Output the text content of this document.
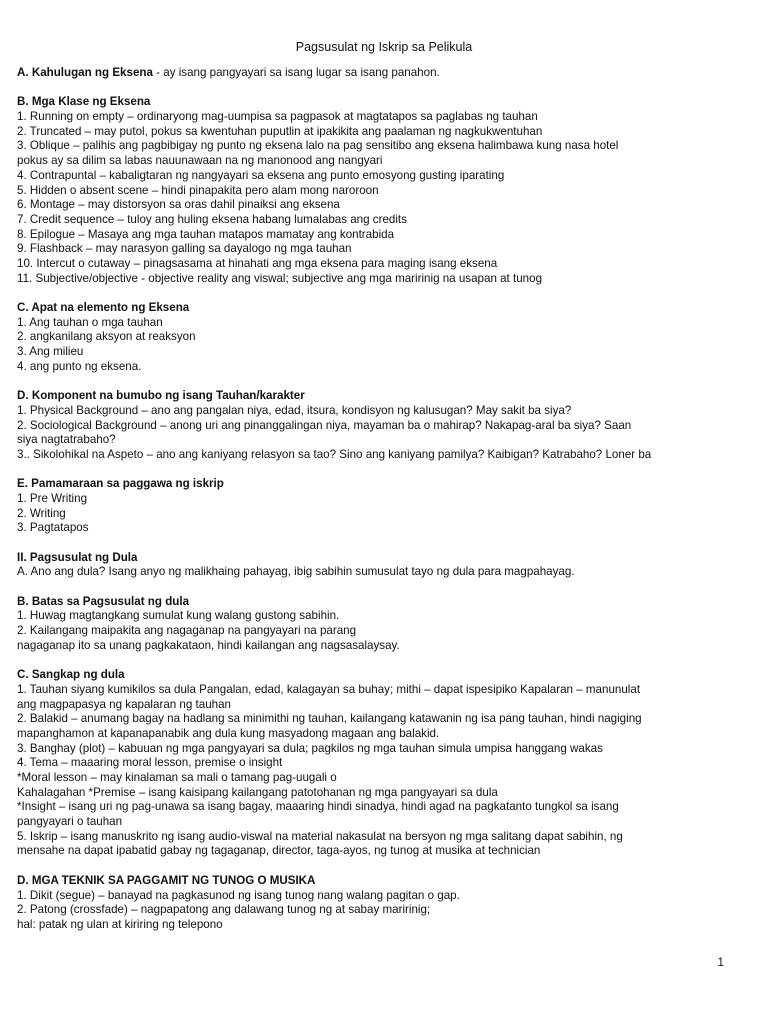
Pagsusulat ng Iskrip sa Pelikula
A. Kahulugan ng Eksena - ay isang pangyayari sa isang lugar sa isang panahon.
B. Mga Klase ng Eksena
1. Running on empty – ordinaryong mag-uumpisa sa pagpasok at magtatapos sa paglabas ng tauhan
2. Truncated – may putol, pokus sa kwentuhan puputlin at ipakikita ang paalaman ng nagkukwentuhan
3. Oblique – palihis ang pagbibigay ng punto ng eksena lalo na pag sensitibo ang eksena halimbawa kung nasa hotel
pokus ay sa dilim sa labas nauunawaan na ng manonood ang nangyari
4. Contrapuntal – kabaligtaran ng nangyayari sa eksena ang punto emosyong gusting iparating
5. Hidden o absent scene – hindi pinapakita pero alam mong naroroon
6. Montage – may distorsyon sa oras dahil pinaiksi ang eksena
7. Credit sequence – tuloy ang huling eksena habang lumalabas ang credits
8. Epilogue – Masaya ang mga tauhan matapos mamatay ang kontrabida
9. Flashback – may narasyon galling sa dayalogo ng mga tauhan
10. Intercut o cutaway – pinagsasama at hinahati ang mga eksena para maging isang eksena
11. Subjective/objective - objective reality ang viswal; subjective ang mga maririnig na usapan at tunog
C. Apat na elemento ng Eksena
1. Ang tauhan o mga tauhan
2. angkanilang aksyon at reaksyon
3. Ang milieu
4. ang punto ng eksena.
D. Komponent na bumubo ng isang Tauhan/karakter
1. Physical Background – ano ang pangalan niya, edad, itsura, kondisyon ng kalusugan? May sakit ba siya?
2. Sociological Background – anong uri ang pinanggalingan niya, mayaman ba o mahirap? Nakapag-aral ba siya? Saan
siya nagtatrabaho?
3.. Sikolohikal na Aspeto – ano ang kaniyang relasyon sa tao? Sino ang kaniyang pamilya? Kaibigan? Katrabaho? Loner ba
E. Pamamaraan sa paggawa ng iskrip
1. Pre Writing
2. Writing
3. Pagtatapos
II. Pagsusulat ng Dula
A. Ano ang dula? Isang anyo ng malikhaing pahayag, ibig sabihin sumusulat tayo ng dula para magpahayag.
B. Batas sa Pagsusulat ng dula
1. Huwag magtangkang sumulat kung walang gustong sabihin.
2. Kailangang maipakita ang nagaganap na pangyayari na parang
nagaganap ito sa unang pagkakataon, hindi kailangan ang nagsasalaysay.
C. Sangkap ng dula
1. Tauhan siyang kumikilos sa dula Pangalan, edad, kalagayan sa buhay; mithi – dapat ispesipiko Kapalaran – manunulat
ang magpapasya ng kapalaran ng tauhan
2. Balakid – anumang bagay na hadlang sa minimithi ng tauhan, kailangang katawanin ng isa pang tauhan, hindi nagiging
mapanghamon at kapanapanabik ang dula kung masyadong magaan ang balakid.
3. Banghay (plot) – kabuuan ng mga pangyayari sa dula; pagkilos ng mga tauhan simula umpisa hanggang wakas
4. Tema – maaaring moral lesson, premise o insight
*Moral lesson – may kinalaman sa mali o tamang pag-uugali o
Kahalagahan *Premise – isang kaisipang kailangang patotohanan ng mga pangyayari sa dula
*Insight – isang uri ng pag-unawa sa isang bagay, maaaring hindi sinadya, hindi agad na pagkatanto tungkol sa isang
pangyayari o tauhan
5. Iskrip – isang manuskrito ng isang audio-viswal na material nakasulat na bersyon ng mga salitang dapat sabihin, ng
mensahe na dapat ipabatid gabay ng tagaganap, director, taga-ayos, ng tunog at musika at technician
D. MGA TEKNIK SA PAGGAMIT NG TUNOG O MUSIKA
1. Dikit (segue) – banayad na pagkasunod ng isang tunog nang walang pagitan o gap.
2. Patong (crossfade) – nagpapatong ang dalawang tunog ng at sabay maririnig;
hal: patak ng ulan at kiriring ng telepono
1
